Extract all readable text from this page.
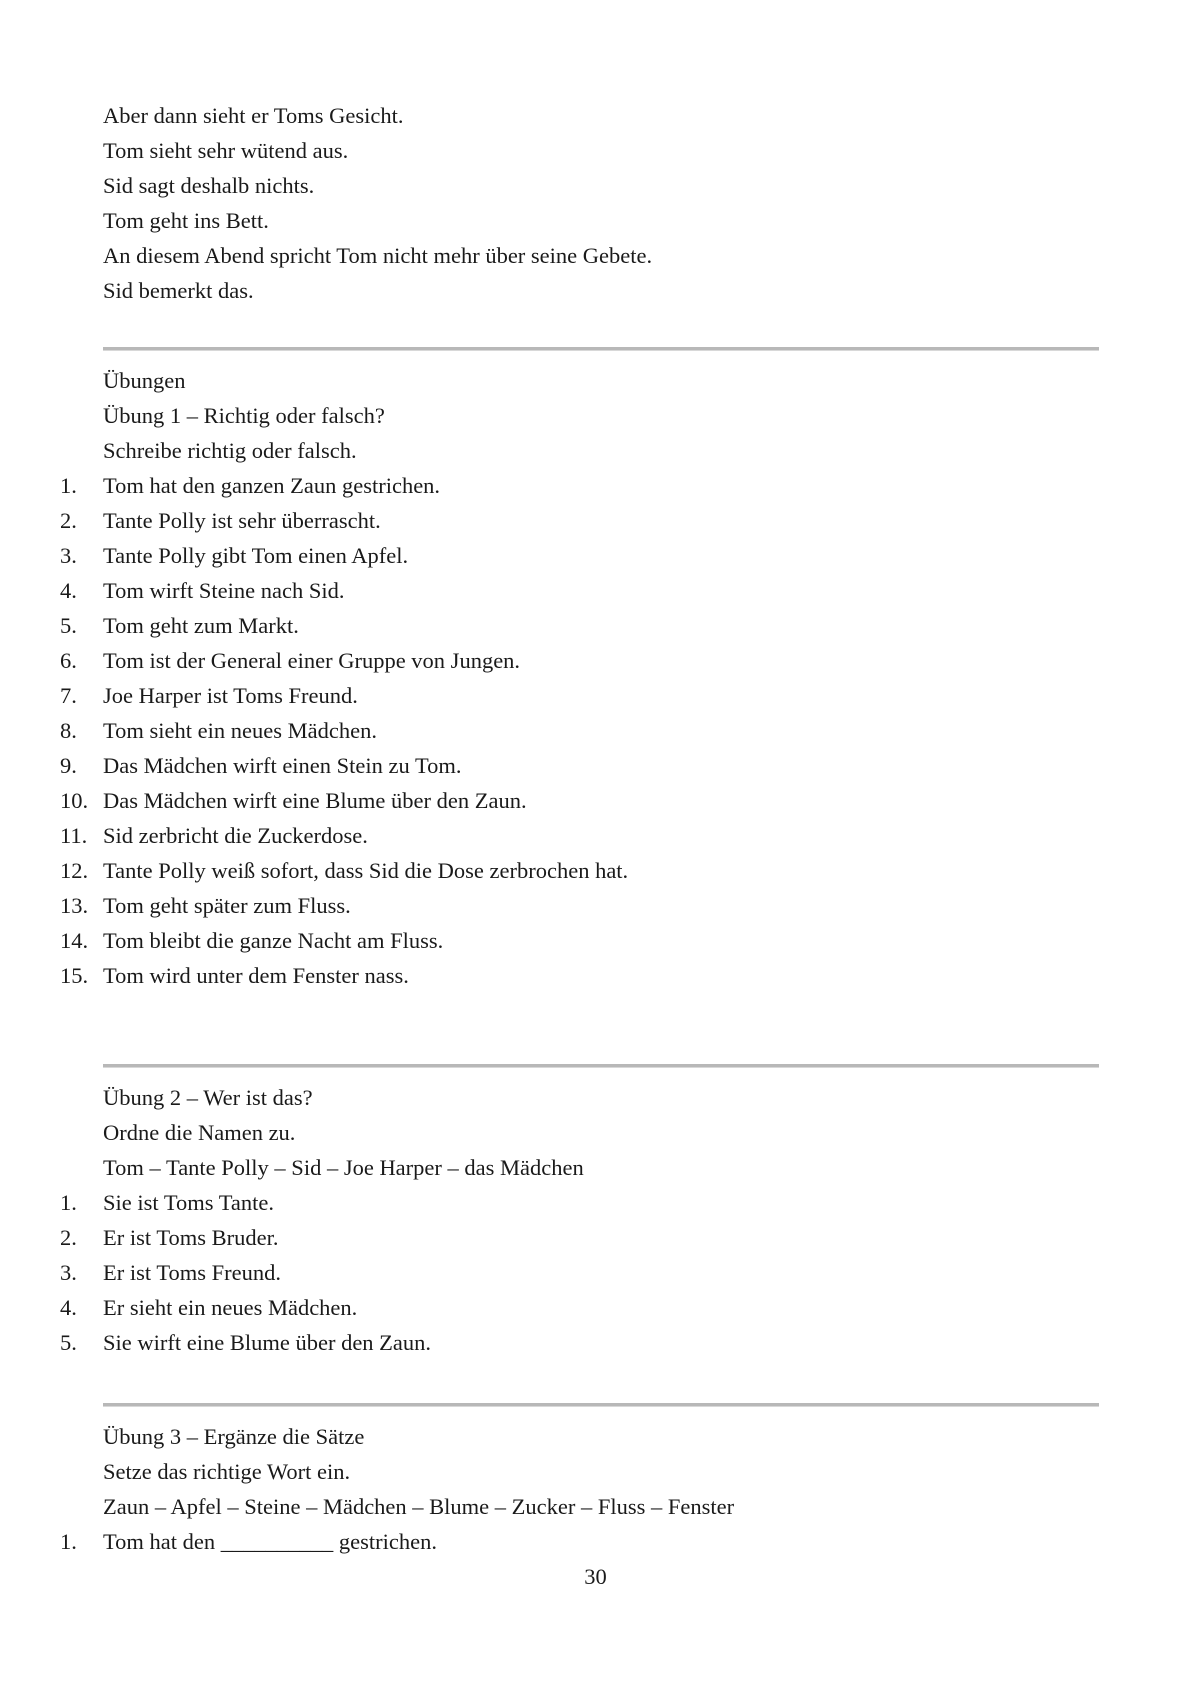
Aber dann sieht er Toms Gesicht.
Tom sieht sehr wütend aus.
Sid sagt deshalb nichts.
Tom geht ins Bett.
An diesem Abend spricht Tom nicht mehr über seine Gebete.
Sid bemerkt das.
Übungen
Übung 1 – Richtig oder falsch?
Schreibe richtig oder falsch.
1.	Tom hat den ganzen Zaun gestrichen.
2.	Tante Polly ist sehr überrascht.
3.	Tante Polly gibt Tom einen Apfel.
4.	Tom wirft Steine nach Sid.
5.	Tom geht zum Markt.
6.	Tom ist der General einer Gruppe von Jungen.
7.	Joe Harper ist Toms Freund.
8.	Tom sieht ein neues Mädchen.
9.	Das Mädchen wirft einen Stein zu Tom.
10. Das Mädchen wirft eine Blume über den Zaun.
11. Sid zerbricht die Zuckerdose.
12. Tante Polly weiß sofort, dass Sid die Dose zerbrochen hat.
13. Tom geht später zum Fluss.
14. Tom bleibt die ganze Nacht am Fluss.
15. Tom wird unter dem Fenster nass.
Übung 2 – Wer ist das?
Ordne die Namen zu.
Tom – Tante Polly – Sid – Joe Harper – das Mädchen
1.	Sie ist Toms Tante.
2.	Er ist Toms Bruder.
3.	Er ist Toms Freund.
4.	Er sieht ein neues Mädchen.
5.	Sie wirft eine Blume über den Zaun.
Übung 3 – Ergänze die Sätze
Setze das richtige Wort ein.
Zaun – Apfel – Steine – Mädchen – Blume – Zucker – Fluss – Fenster
1.	Tom hat den __________ gestrichen.
30
